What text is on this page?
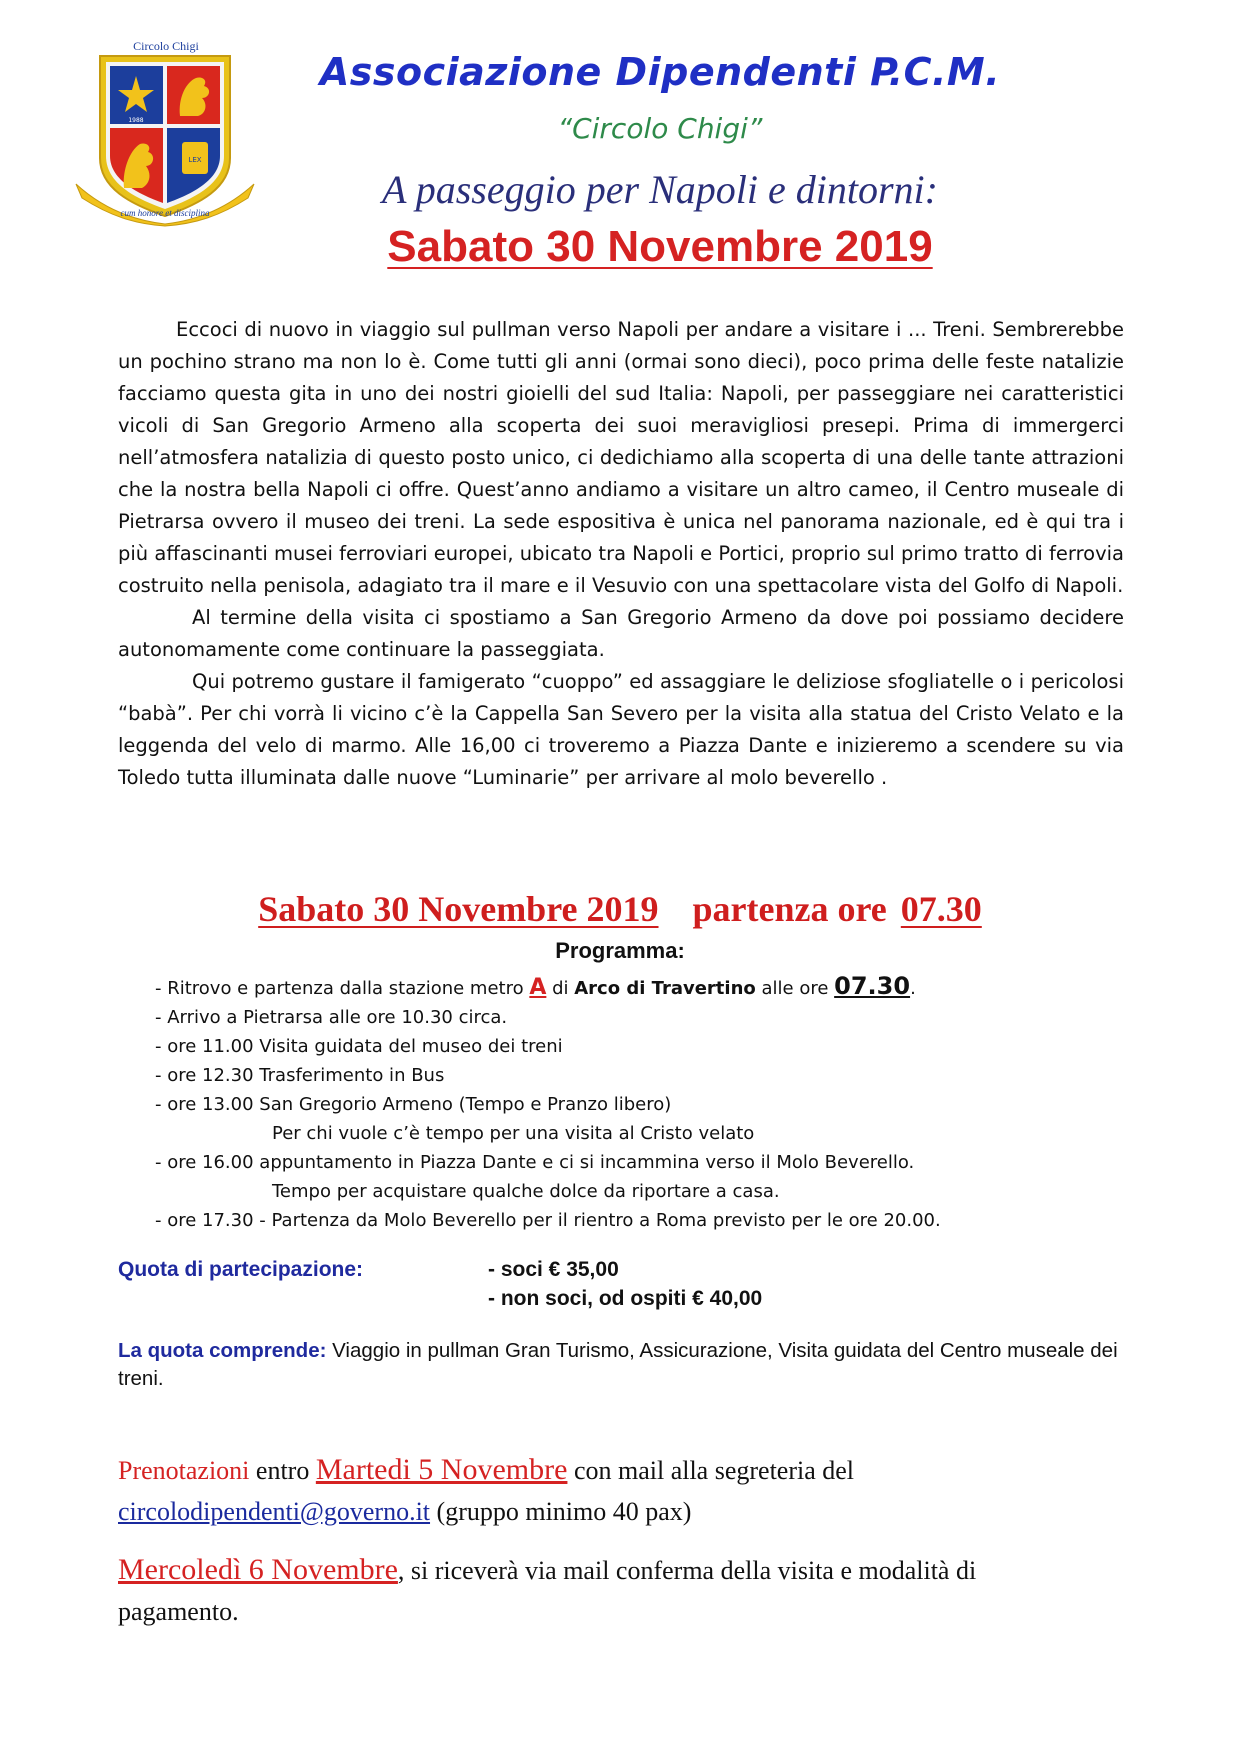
Circolo Chigi
1988
LEX
cum honore et disciplina
Associazione Dipendenti P.C.M.
“Circolo Chigi”
A passeggio per Napoli e dintorni:
Sabato 30 Novembre 2019

Eccoci di nuovo in viaggio sul pullman verso Napoli per andare a visitare i ... Treni. Sembrerebbe un pochino strano ma non lo è. Come tutti gli anni (ormai sono dieci), poco prima delle feste natalizie facciamo questa gita in uno dei nostri gioielli del sud Italia: Napoli, per passeggiare nei caratteristici vicoli di San Gregorio Armeno alla scoperta dei suoi meravigliosi presepi. Prima di immergerci nell’atmosfera natalizia di questo posto unico, ci dedichiamo alla scoperta di una delle tante attrazioni che la nostra bella Napoli ci offre. Quest’anno andiamo a visitare un altro cameo, il Centro museale di Pietrarsa ovvero il museo dei treni. La sede espositiva è unica nel panorama nazionale, ed è qui tra i più affascinanti musei ferroviari europei, ubicato tra Napoli e Portici, proprio sul primo tratto di ferrovia costruito nella penisola, adagiato tra il mare e il Vesuvio con una spettacolare vista del Golfo di Napoli.

Al termine della visita ci spostiamo a San Gregorio Armeno da dove poi possiamo decidere autonomamente come continuare la passeggiata.

Qui potremo gustare il famigerato “cuoppo” ed assaggiare le deliziose sfogliatelle o i pericolosi “babà”. Per chi vorrà li vicino c’è la Cappella San Severo per la visita alla statua del Cristo Velato e la leggenda del velo di marmo. Alle 16,00 ci troveremo a Piazza Dante e inizieremo a scendere su via Toledo tutta illuminata dalle nuove “Luminarie” per arrivare al molo beverello .

Sabato 30 Novembre 2019 partenza ore 07.30
Programma:
- Ritrovo e partenza dalla stazione metro A di Arco di Travertino alle ore 07.30.
- Arrivo a Pietrarsa alle ore 10.30 circa.
- ore 11.00 Visita guidata del museo dei treni
- ore 12.30 Trasferimento in Bus
- ore 13.00 San Gregorio Armeno (Tempo e Pranzo libero)
Per chi vuole c’è tempo per una visita al Cristo velato
- ore 16.00 appuntamento in Piazza Dante e ci si incammina verso il Molo Beverello.
Tempo per acquistare qualche dolce da riportare a casa.
- ore 17.30 - Partenza da Molo Beverello per il rientro a Roma previsto per le ore 20.00.
Quota di partecipazione:	- soci € 35,00
- non soci, od ospiti € 40,00
La quota comprende: Viaggio in pullman Gran Turismo, Assicurazione, Visita guidata del Centro museale dei treni.
Prenotazioni entro Martedi 5 Novembre con mail alla segreteria del
circolodipendenti@governo.it (gruppo minimo 40 pax)
Mercoledì 6 Novembre, si riceverà via mail conferma della visita e modalità di
pagamento.
